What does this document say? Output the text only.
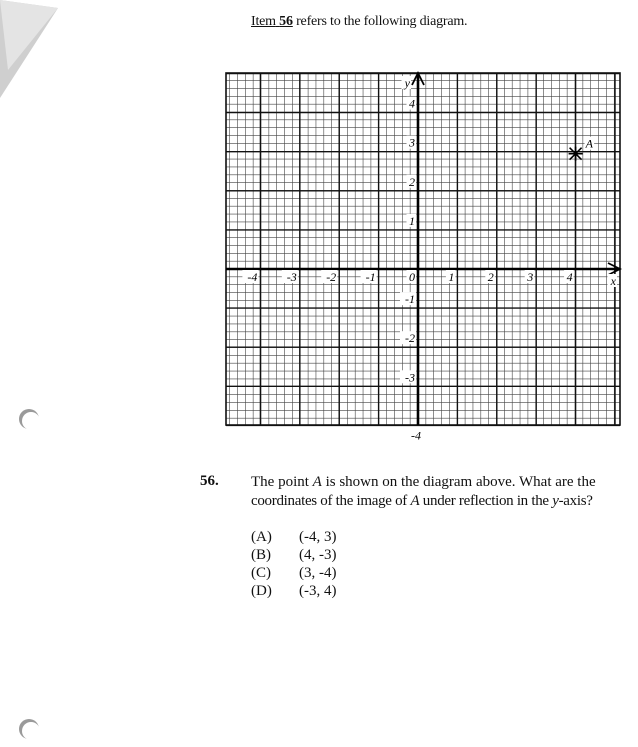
Item 56 refers to the following diagram.
-4 -3 -2 -1	0	1	2	3	4
4
3
2
1
-1
-2
-3
-4
y
x
A
56. The point A is shown on the diagram above. What are the
coordinates of the image of A under reflection in the y-axis?
(A) (-4, 3)
(B) (4, -3)
(C) (3, -4)
(D) (-3, 4)
